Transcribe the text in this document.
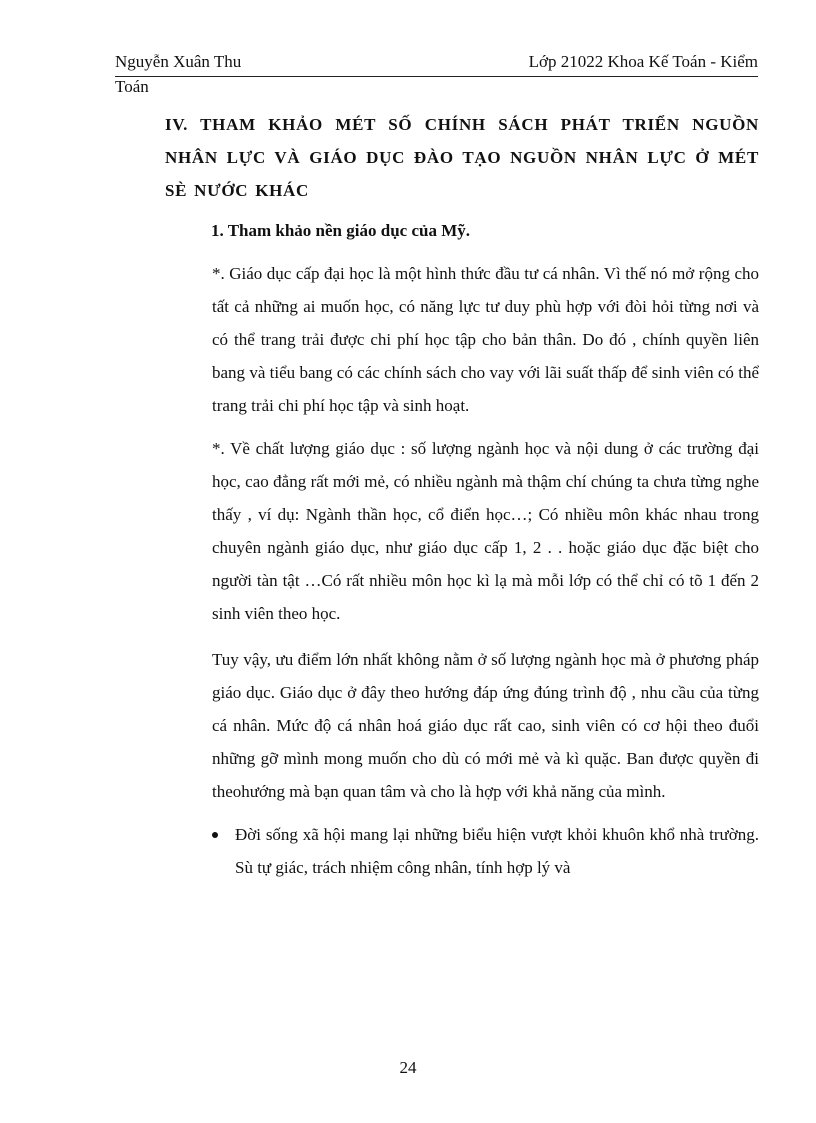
Nguyễn Xuân Thu	Lớp 21022 Khoa Kế Toán - Kiểm
Toán
IV. THAM KHẢO MÉT SỐ CHÍNH SÁCH PHÁT TRIỂN NGUỒN NHÂN LỰC VÀ GIÁO DỤC ĐÀO TẠO NGUỒN NHÂN LỰC Ở MÉT SÈ NƯỚC KHÁC
1. Tham khảo nền giáo dục của Mỹ.

*. Giáo dục cấp đại học là một hình thức đầu tư cá nhân. Vì thế nó mở rộng cho tất cả những ai muốn học, có năng lực tư duy phù hợp với đòi hỏi từng nơi và có thể trang trải được chi phí học tập cho bản thân. Do đó , chính quyền liên bang và tiểu bang có các chính sách cho vay với lãi suất thấp để sinh viên có thể trang trải chi phí học tập và sinh hoạt.

*. Về chất lượng giáo dục : số lượng ngành học và nội dung ở các trường đại học, cao đẳng rất mới mẻ, có nhiều ngành mà thậm chí chúng ta chưa từng nghe thấy , ví dụ: Ngành thần học, cổ điển học…; Có nhiều môn khác nhau trong chuyên ngành giáo dục, như giáo dục cấp 1, 2 . . hoặc giáo dục đặc biệt cho người tàn tật …Có rất nhiều môn học kì lạ mà mỗi lớp có thể chỉ có tõ 1 đến 2 sinh viên theo học.

Tuy vậy, ưu điểm lớn nhất không nằm ở số lượng ngành học mà ở phương pháp giáo dục. Giáo dục ở đây theo hướng đáp ứng đúng trình độ , nhu cầu của từng cá nhân. Mức độ cá nhân hoá giáo dục rất cao, sinh viên có cơ hội theo đuổi những gỡ mình mong muốn cho dù có mới mẻ và kì quặc. Ban được quyền đi theohướng mà bạn quan tâm và cho là hợp với khả năng của mình.

Đời sống xã hội mang lại những biểu hiện vượt khỏi khuôn khổ nhà trường. Sù tự giác, trách nhiệm công nhân, tính hợp lý và
24
